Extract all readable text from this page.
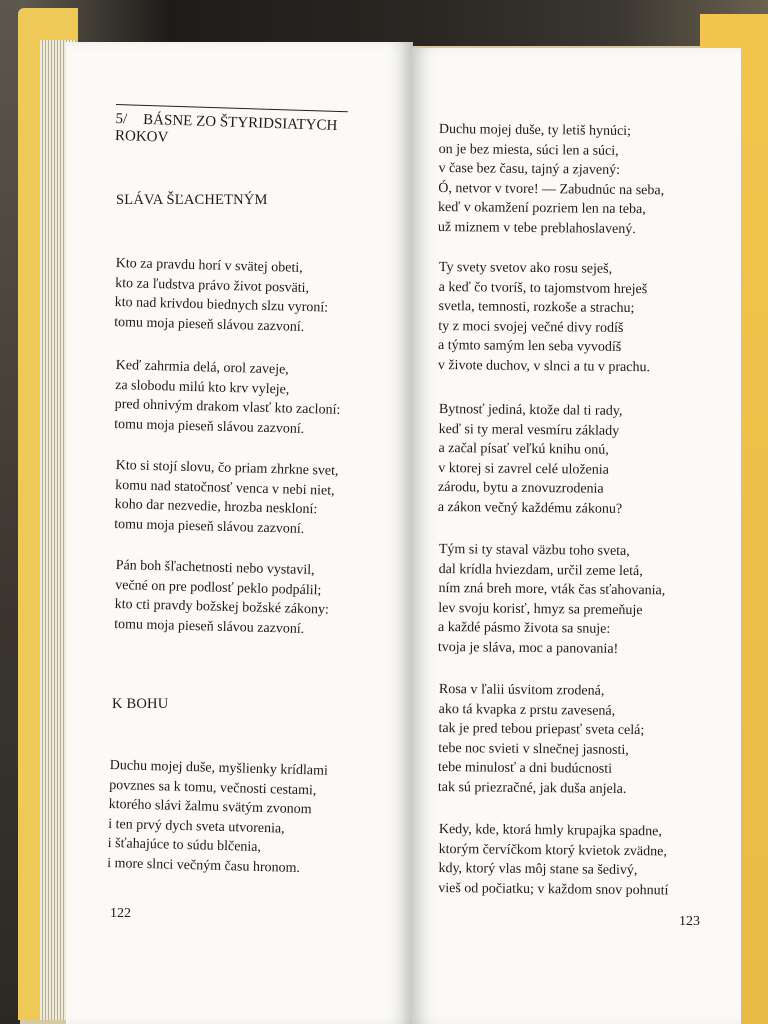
5/ BÁSNE ZO ŠTYRIDSIATYCH ROKOV
SLÁVA ŠĽACHETNÝM
Kto za pravdu horí v svätej obeti,
kto za ľudstva právo život posväti,
kto nad krivdou biednych slzu vyroní:
tomu moja pieseň slávou zazvoní.
Keď zahrmia delá, orol zaveje,
za slobodu milú kto krv vyleje,
pred ohnivým drakom vlasť kto zacloní:
tomu moja pieseň slávou zazvoní.
Kto si stojí slovu, čo priam zhrkne svet,
komu nad statočnosť venca v nebi niet,
koho dar nezvedie, hrozba neskloní:
tomu moja pieseň slávou zazvoní.
Pán boh šľachetnosti nebo vystavil,
večné on pre podlosť peklo podpálil;
kto cti pravdy božskej božské zákony:
tomu moja pieseň slávou zazvoní.
K BOHU
Duchu mojej duše, myšlienky krídlami
povznes sa k tomu, večnosti cestami,
ktorého slávi žalmu svätým zvonom
i ten prvý dych sveta utvorenia,
i šťahajúce to súdu blčenia,
i more slnci večným času hronom.
122
Duchu mojej duše, ty letiš hynúci;
on je bez miesta, súci len a súci,
v čase bez času, tajný a zjavený:
Ó, netvor v tvore! — Zabudnúc na seba,
keď v okamžení pozriem len na teba,
už miznem v tebe preblahoslavený.
Ty svety svetov ako rosu seješ,
a keď čo tvoríš, to tajomstvom hreješ
svetla, temnosti, rozkoše a strachu;
ty z moci svojej večné divy rodíš
a týmto samým len seba vyvodíš
v živote duchov, v slnci a tu v prachu.
Bytnosť jediná, ktože dal ti rady,
keď si ty meral vesmíru základy
a začal písať veľkú knihu onú,
v ktorej si zavrel celé uloženia
zárodu, bytu a znovuzrodenia
a zákon večný každému zákonu?
Tým si ty staval väzbu toho sveta,
dal krídla hviezdam, určil zeme letá,
ním zná breh more, vták čas sťahovania,
lev svoju korisť, hmyz sa premeňuje
a každé pásmo života sa snuje:
tvoja je sláva, moc a panovania!
Rosa v ľalii úsvitom zrodená,
ako tá kvapka z prstu zavesená,
tak je pred tebou priepasť sveta celá;
tebe noc svieti v slnečnej jasnosti,
tebe minulosť a dni budúcnosti
tak sú priezračné, jak duša anjela.
Kedy, kde, ktorá hmly krupajka spadne,
ktorým červíčkom ktorý kvietok zvädne,
kdy, ktorý vlas môj stane sa šedivý,
vieš od počiatku; v každom snov pohnutí
123
